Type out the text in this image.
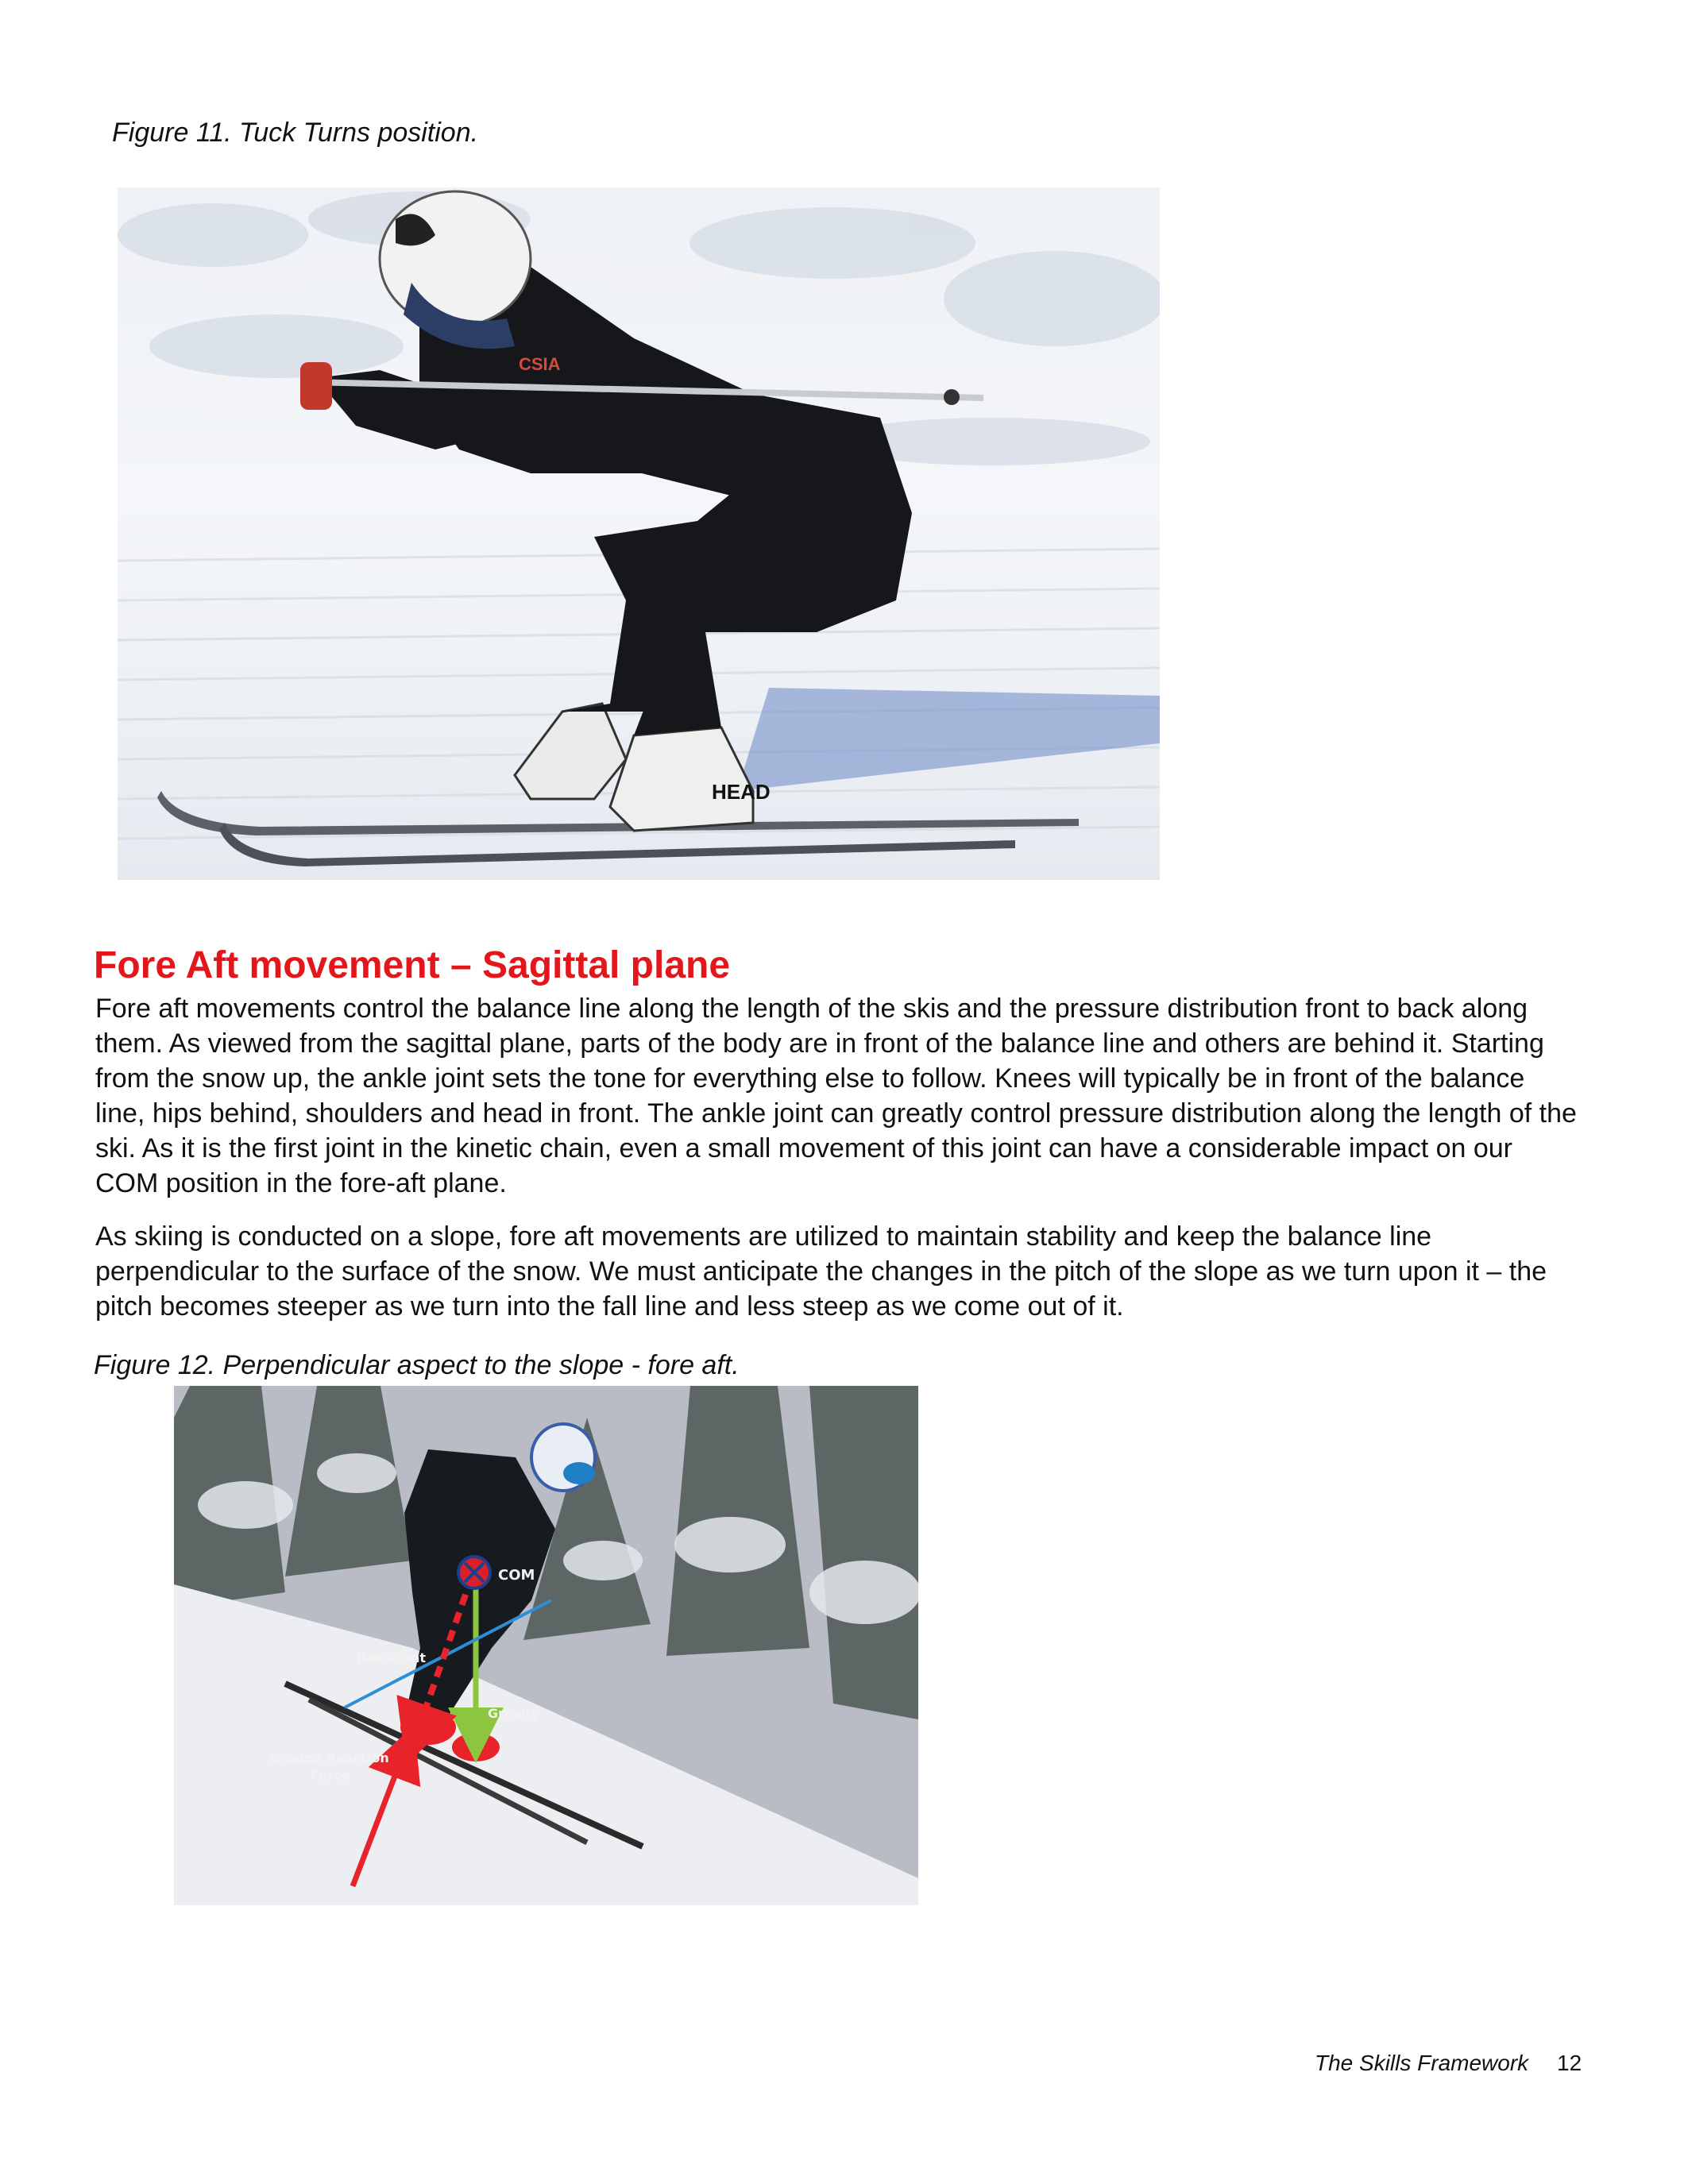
Figure 11. Tuck Turns position.
HEAD
CSIA
Fore Aft movement – Sagittal plane
Fore aft movements control the balance line along the length of the skis and the pressure distribution front to back along
them. As viewed from the sagittal plane, parts of the body are in front of the balance line and others are behind it. Starting
from the snow up, the ankle joint sets the tone for everything else to follow. Knees will typically be in front of the balance
line, hips behind, shoulders and head in front. The ankle joint can greatly control pressure distribution along the length of the
ski. As it is the first joint in the kinetic chain, even a small movement of this joint can have a considerable impact on our
COM position in the fore-aft plane.
As skiing is conducted on a slope, fore aft movements are utilized to maintain stability and keep the balance line
perpendicular to the surface of the snow. We must anticipate the changes in the pitch of the slope as we turn upon it – the
pitch becomes steeper as we turn into the fall line and less steep as we come out of it.
Figure 12. Perpendicular aspect to the slope - fore aft.
COM
Resultant
Gravity
Ground Reaction
Force
The Skills Framework 12
